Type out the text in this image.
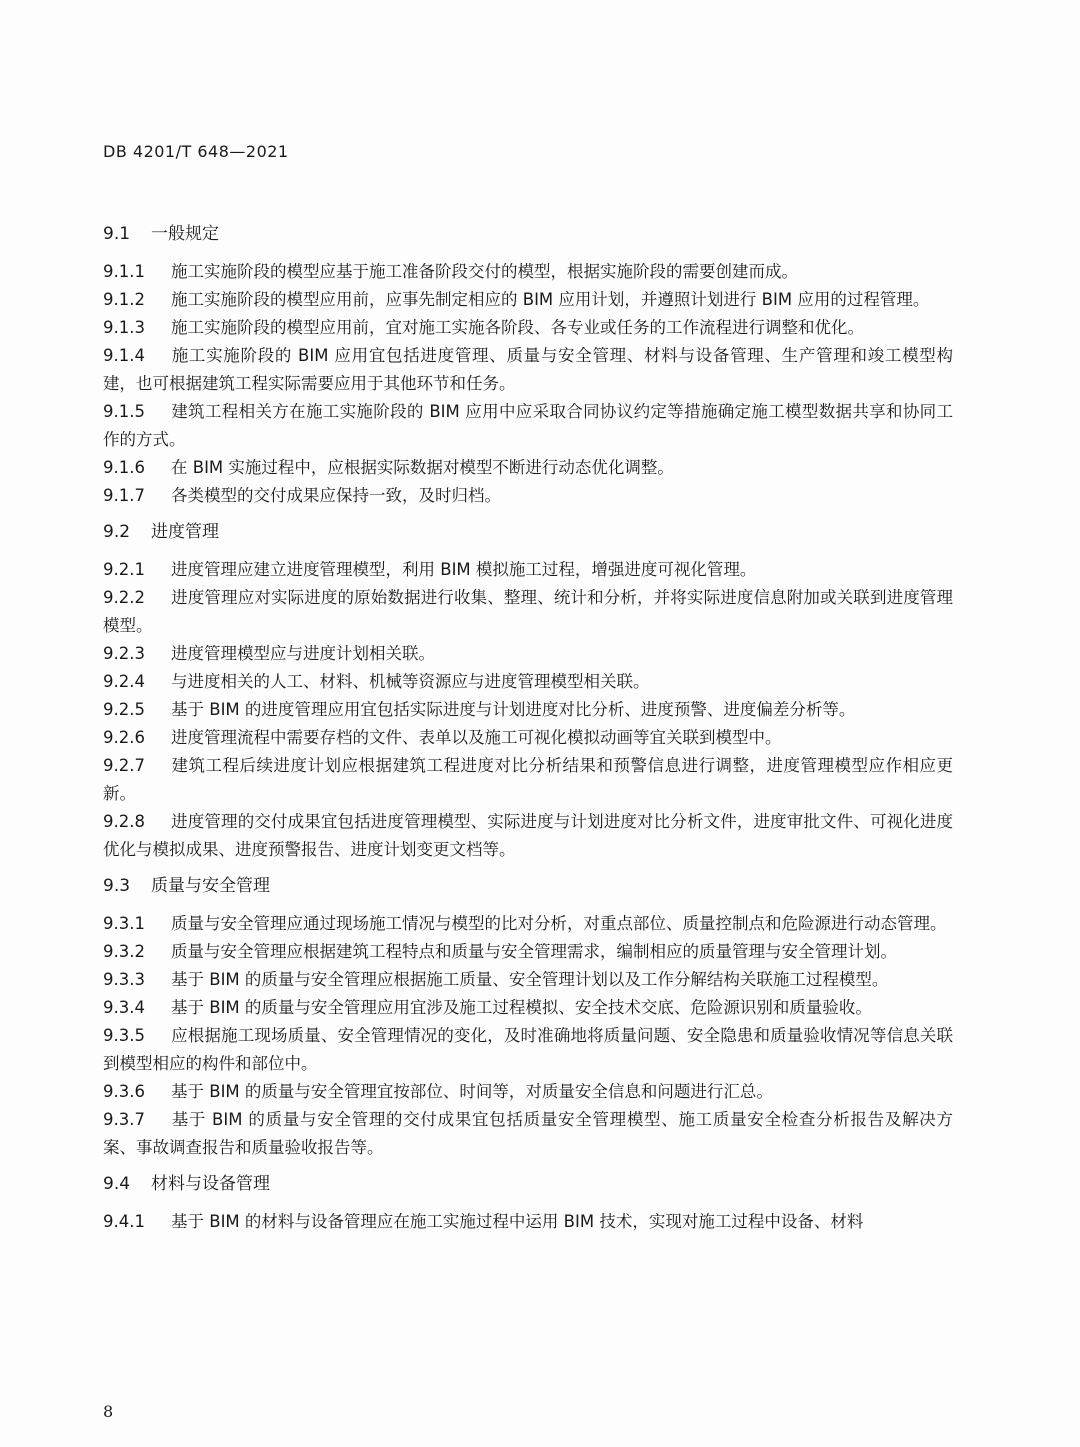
DB 4201/T 648—2021
9.1 一般规定

9.1.1 施工实施阶段的模型应基于施工准备阶段交付的模型，根据实施阶段的需要创建而成。

9.1.2 施工实施阶段的模型应用前，应事先制定相应的 BIM 应用计划，并遵照计划进行 BIM 应用的过程管理。

9.1.3 施工实施阶段的模型应用前，宜对施工实施各阶段、各专业或任务的工作流程进行调整和优化。

9.1.4 施工实施阶段的 BIM 应用宜包括进度管理、质量与安全管理、材料与设备管理、生产管理和竣工模型构建，也可根据建筑工程实际需要应用于其他环节和任务。

9.1.5 建筑工程相关方在施工实施阶段的 BIM 应用中应采取合同协议约定等措施确定施工模型数据共享和协同工作的方式。

9.1.6 在 BIM 实施过程中，应根据实际数据对模型不断进行动态优化调整。

9.1.7 各类模型的交付成果应保持一致，及时归档。

9.2 进度管理

9.2.1 进度管理应建立进度管理模型，利用 BIM 模拟施工过程，增强进度可视化管理。

9.2.2 进度管理应对实际进度的原始数据进行收集、整理、统计和分析，并将实际进度信息附加或关联到进度管理模型。

9.2.3 进度管理模型应与进度计划相关联。

9.2.4 与进度相关的人工、材料、机械等资源应与进度管理模型相关联。

9.2.5 基于 BIM 的进度管理应用宜包括实际进度与计划进度对比分析、进度预警、进度偏差分析等。

9.2.6 进度管理流程中需要存档的文件、表单以及施工可视化模拟动画等宜关联到模型中。

9.2.7 建筑工程后续进度计划应根据建筑工程进度对比分析结果和预警信息进行调整，进度管理模型应作相应更新。

9.2.8 进度管理的交付成果宜包括进度管理模型、实际进度与计划进度对比分析文件，进度审批文件、可视化进度优化与模拟成果、进度预警报告、进度计划变更文档等。

9.3 质量与安全管理

9.3.1 质量与安全管理应通过现场施工情况与模型的比对分析，对重点部位、质量控制点和危险源进行动态管理。

9.3.2 质量与安全管理应根据建筑工程特点和质量与安全管理需求，编制相应的质量管理与安全管理计划。

9.3.3 基于 BIM 的质量与安全管理应根据施工质量、安全管理计划以及工作分解结构关联施工过程模型。

9.3.4 基于 BIM 的质量与安全管理应用宜涉及施工过程模拟、安全技术交底、危险源识别和质量验收。

9.3.5 应根据施工现场质量、安全管理情况的变化，及时准确地将质量问题、安全隐患和质量验收情况等信息关联到模型相应的构件和部位中。

9.3.6 基于 BIM 的质量与安全管理宜按部位、时间等，对质量安全信息和问题进行汇总。

9.3.7 基于 BIM 的质量与安全管理的交付成果宜包括质量安全管理模型、施工质量安全检查分析报告及解决方案、事故调查报告和质量验收报告等。

9.4 材料与设备管理

9.4.1 基于 BIM 的材料与设备管理应在施工实施过程中运用 BIM 技术，实现对施工过程中设备、材料

8
